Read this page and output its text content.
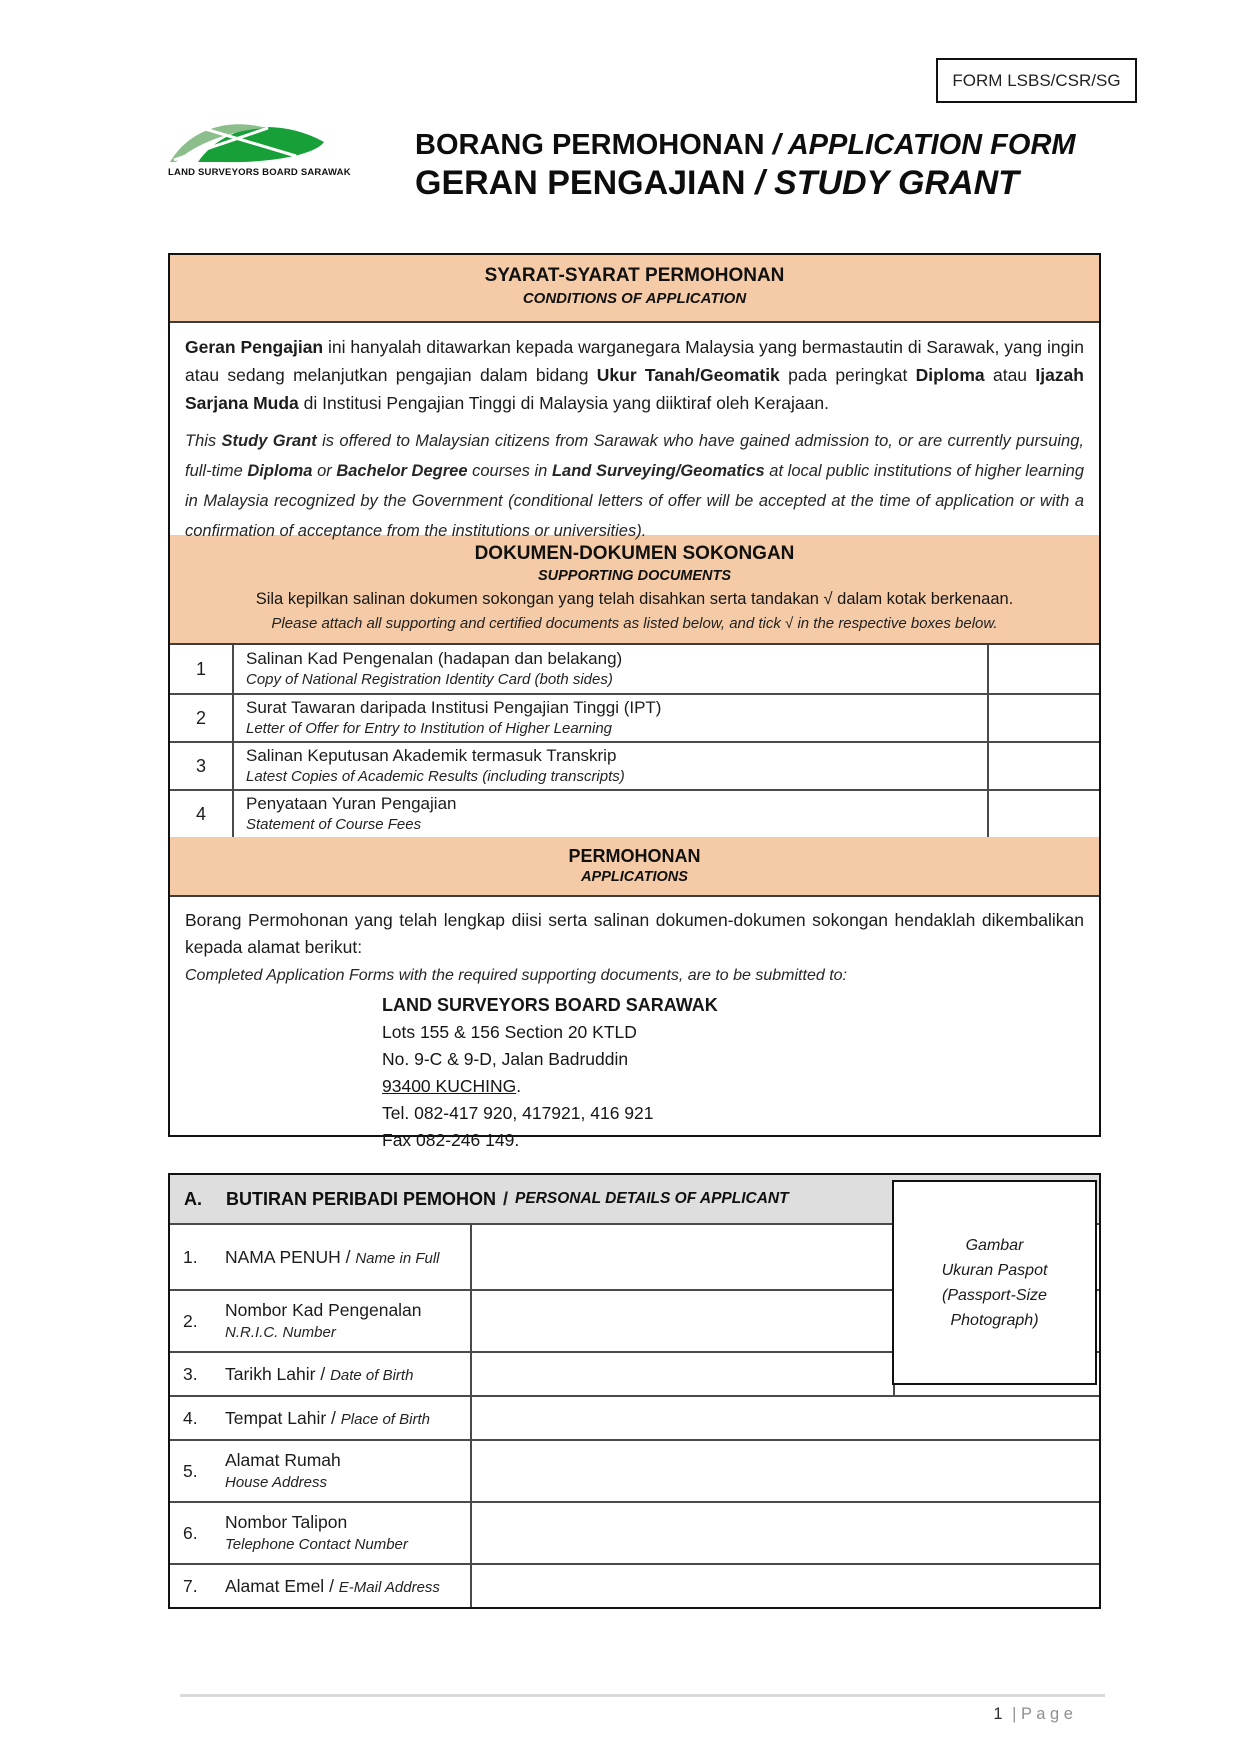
FORM LSBS/CSR/SG
LAND SURVEYORS BOARD SARAWAK
BORANG PERMOHONAN / APPLICATION FORM
GERAN PENGAJIAN / STUDY GRANT
SYARAT-SYARAT PERMOHONAN
CONDITIONS OF APPLICATION
Geran Pengajian ini hanyalah ditawarkan kepada warganegara Malaysia yang bermastautin di Sarawak, yang ingin atau sedang melanjutkan pengajian dalam bidang Ukur Tanah/Geomatik pada peringkat Diploma atau Ijazah Sarjana Muda di Institusi Pengajian Tinggi di Malaysia yang diiktiraf oleh Kerajaan.
This Study Grant is offered to Malaysian citizens from Sarawak who have gained admission to, or are currently pursuing, full-time Diploma or Bachelor Degree courses in Land Surveying/Geomatics at local public institutions of higher learning in Malaysia recognized by the Government (conditional letters of offer will be accepted at the time of application or with a confirmation of acceptance from the institutions or universities).
DOKUMEN-DOKUMEN SOKONGAN
SUPPORTING DOCUMENTS
Sila kepilkan salinan dokumen sokongan yang telah disahkan serta tandakan √ dalam kotak berkenaan.
Please attach all supporting and certified documents as listed below, and tick √ in the respective boxes below.
1	Salinan Kad Pengenalan (hadapan dan belakang)
Copy of National Registration Identity Card (both sides)
2	Surat Tawaran daripada Institusi Pengajian Tinggi (IPT)
Letter of Offer for Entry to Institution of Higher Learning
3	Salinan Keputusan Akademik termasuk Transkrip
Latest Copies of Academic Results (including transcripts)
4	Penyataan Yuran Pengajian
Statement of Course Fees
PERMOHONAN
APPLICATIONS
Borang Permohonan yang telah lengkap diisi serta salinan dokumen-dokumen sokongan hendaklah dikembalikan kepada alamat berikut:
Completed Application Forms with the required supporting documents, are to be submitted to:
LAND SURVEYORS BOARD SARAWAK
Lots 155 & 156 Section 20 KTLD
No. 9-C & 9-D, Jalan Badruddin
93400 KUCHING.
Tel. 082-417 920, 417921, 416 921
Fax 082-246 149.
A.	BUTIRAN PERIBADI PEMOHON / PERSONAL DETAILS OF APPLICANT
1.	NAMA PENUH / Name in Full
2.
Nombor Kad Pengenalan
N.R.I.C. Number
3.	Tarikh Lahir / Date of Birth
4.	Tempat Lahir / Place of Birth
5.
Alamat Rumah
House Address
6.
Nombor Talipon
Telephone Contact Number
7.	Alamat Emel / E-Mail Address
Gambar
Ukuran Paspot
(Passport-Size
Photograph)
1 | P a g e
